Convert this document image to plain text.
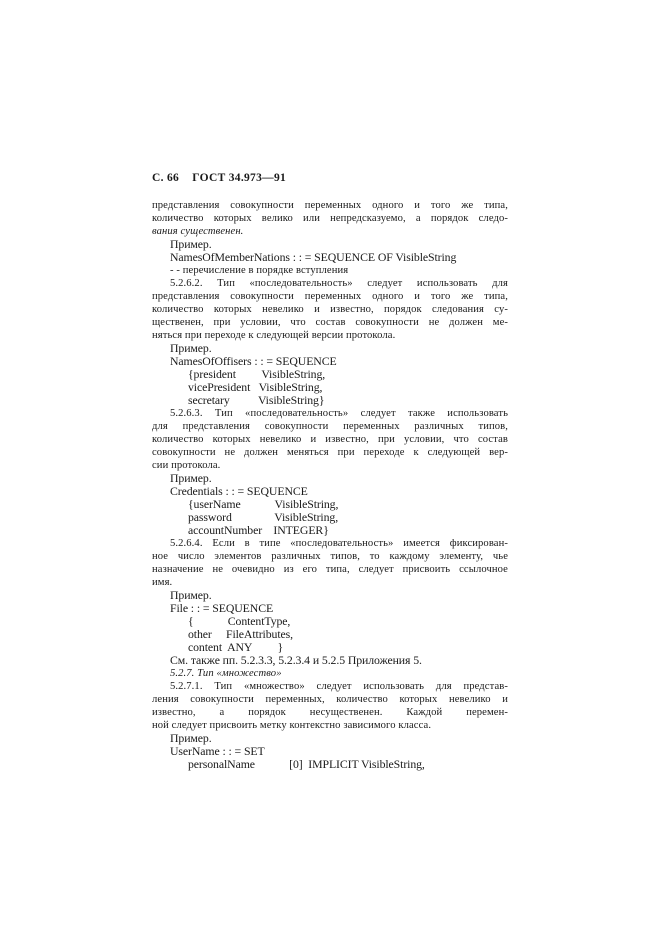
С. 66 ГОСТ 34.973—91
представления совокупности переменных одного и того же типа,
количество которых велико или непредсказуемо, а порядок следо-
вания существенен.
Пример.
NamesOfMemberNations : : = SEQUENCE OF VisibleString
- - перечисление в порядке вступления
5.2.6.2. Тип «последовательность» следует использовать для
представления совокупности переменных одного и того же типа,
количество которых невелико и известно, порядок следования су-
щественен, при условии, что состав совокупности не должен ме-
няться при переходе к следующей версии протокола.
Пример.
NamesOfOffisers : : = SEQUENCE
{president         VisibleString,
vicePresident   VisibleString,
secretary          VisibleString}
5.2.6.3. Тип «последовательность» следует также использовать
для представления совокупности переменных различных типов,
количество которых невелико и известно, при условии, что состав
совокупности не должен меняться при переходе к следующей вер-
сии протокола.
Пример.
Credentials : : = SEQUENCE
{userName            VisibleString,
password               VisibleString,
accountNumber    INTEGER}
5.2.6.4. Если в типе «последовательность» имеется фиксирован-
ное число элементов различных типов, то каждому элементу, чье
назначение не очевидно из его типа, следует присвоить ссылочное
имя.
Пример.
File : : = SEQUENCE
{            ContentType,
other     FileAttributes,
content  ANY         }
См. также пп. 5.2.3.3, 5.2.3.4 и 5.2.5 Приложения 5.
5.2.7. Тип «множество»
5.2.7.1. Тип «множество» следует использовать для представ-
ления совокупности переменных, количество которых невелико и
известно, а порядок несущественен. Каждой перемен-
ной следует присвоить метку контекстно зависимого класса.
Пример.
UserName : : = SET
personalName            [0]  IMPLICIT VisibleString,
